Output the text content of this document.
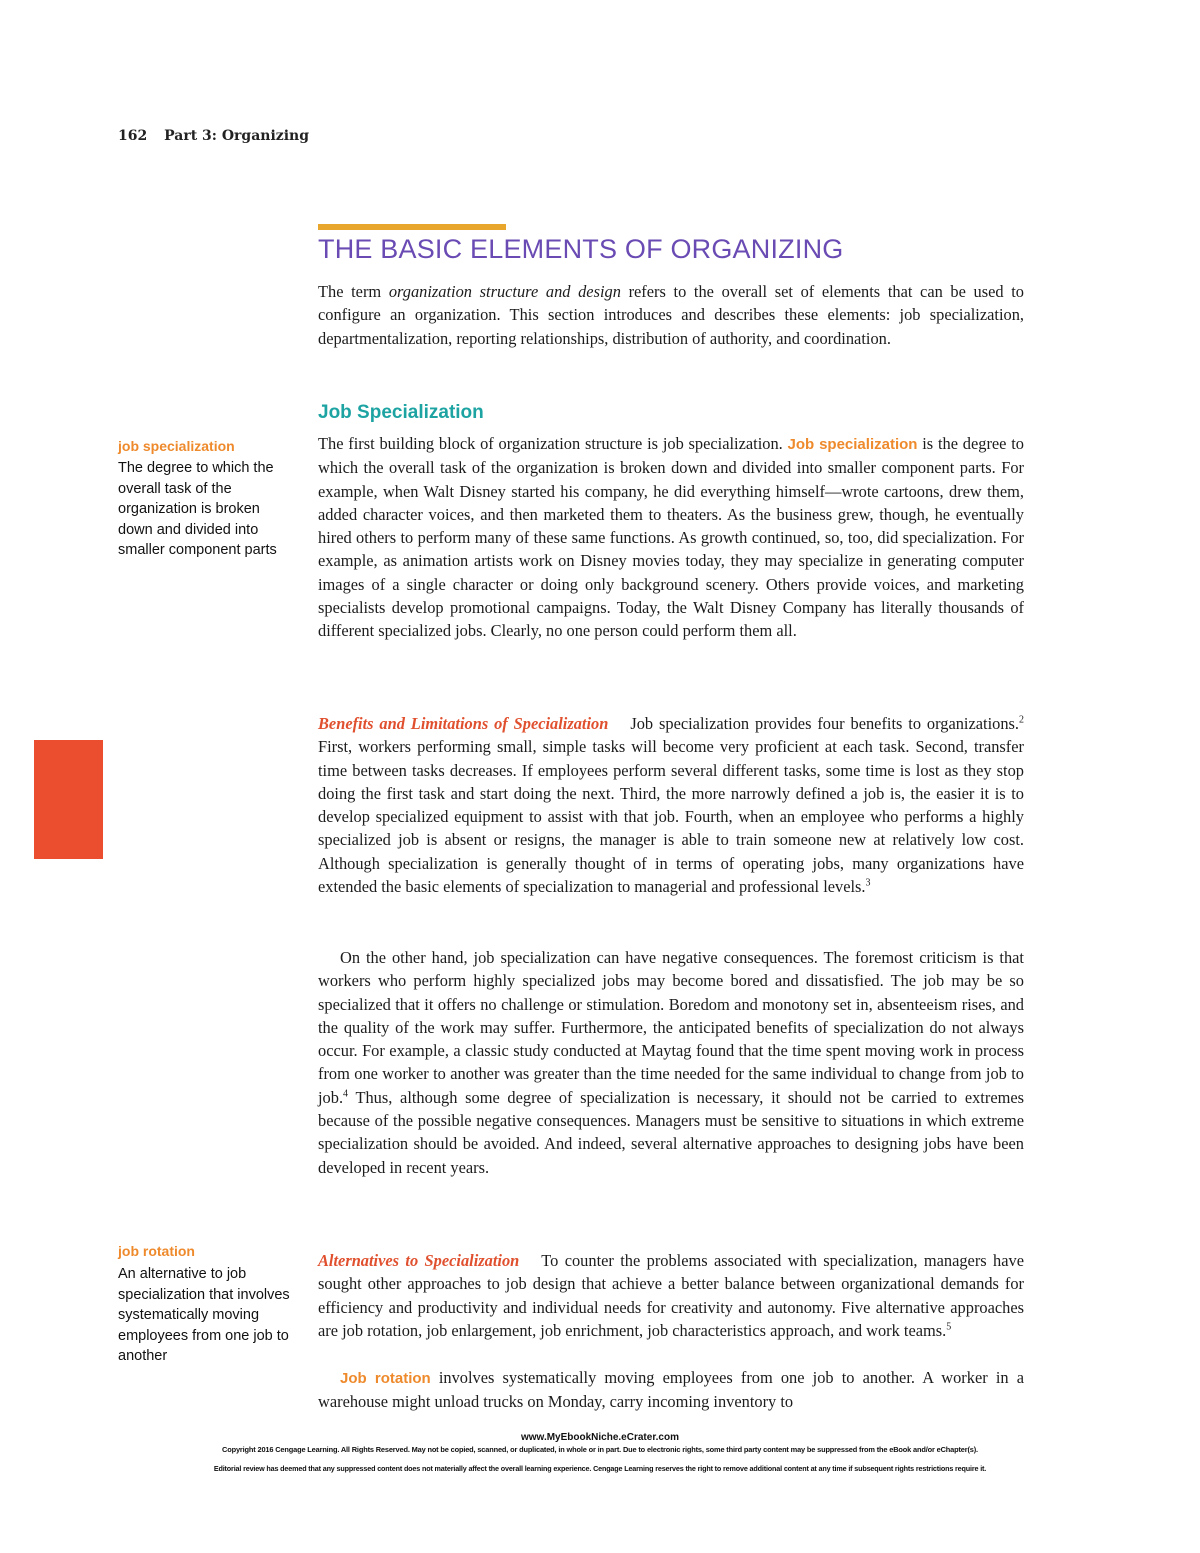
162 Part 3: Organizing
THE BASIC ELEMENTS OF ORGANIZING
The term organization structure and design refers to the overall set of elements that can be used to configure an organization. This section introduces and describes these elements: job specialization, departmentalization, reporting relationships, distribution of authority, and coordination.
Job Specialization
The first building block of organization structure is job specialization. Job specialization is the degree to which the overall task of the organization is broken down and divided into smaller component parts. For example, when Walt Disney started his company, he did everything himself—wrote cartoons, drew them, added character voices, and then marketed them to theaters. As the business grew, though, he eventually hired others to perform many of these same functions. As growth continued, so, too, did specialization. For example, as animation artists work on Disney movies today, they may specialize in generating computer images of a single character or doing only background scenery. Others provide voices, and marketing specialists develop promotional campaigns. Today, the Walt Disney Company has literally thousands of different specialized jobs. Clearly, no one person could perform them all.
Benefits and Limitations of Specialization Job specialization provides four benefits to organizations.$^2$ First, workers performing small, simple tasks will become very proficient at each task. Second, transfer time between tasks decreases. If employees perform several different tasks, some time is lost as they stop doing the first task and start doing the next. Third, the more narrowly defined a job is, the easier it is to develop specialized equipment to assist with that job. Fourth, when an employee who performs a highly specialized job is absent or resigns, the manager is able to train someone new at relatively low cost. Although specialization is generally thought of in terms of operating jobs, many organizations have extended the basic elements of specialization to managerial and professional levels.$^3$
On the other hand, job specialization can have negative consequences. The foremost criticism is that workers who perform highly specialized jobs may become bored and dissatisfied. The job may be so specialized that it offers no challenge or stimulation. Boredom and monotony set in, absenteeism rises, and the quality of the work may suffer. Furthermore, the anticipated benefits of specialization do not always occur. For example, a classic study conducted at Maytag found that the time spent moving work in process from one worker to another was greater than the time needed for the same individual to change from job to job.$^4$ Thus, although some degree of specialization is necessary, it should not be carried to extremes because of the possible negative consequences. Managers must be sensitive to situations in which extreme specialization should be avoided. And indeed, several alternative approaches to designing jobs have been developed in recent years.
Alternatives to Specialization To counter the problems associated with specialization, managers have sought other approaches to job design that achieve a better balance between organizational demands for efficiency and productivity and individual needs for creativity and autonomy. Five alternative approaches are job rotation, job enlargement, job enrichment, job characteristics approach, and work teams.$^5$
Job rotation involves systematically moving employees from one job to another. A worker in a warehouse might unload trucks on Monday, carry incoming inventory to
job specialization
The degree to which the overall task of the organization is broken down and divided into smaller component parts
job rotation
An alternative to job specialization that involves systematically moving employees from one job to another
www.MyEbookNiche.eCrater.com
Copyright 2016 Cengage Learning. All Rights Reserved. May not be copied, scanned, or duplicated, in whole or in part. Due to electronic rights, some third party content may be suppressed from the eBook and/or eChapter(s).
Editorial review has deemed that any suppressed content does not materially affect the overall learning experience. Cengage Learning reserves the right to remove additional content at any time if subsequent rights restrictions require it.
